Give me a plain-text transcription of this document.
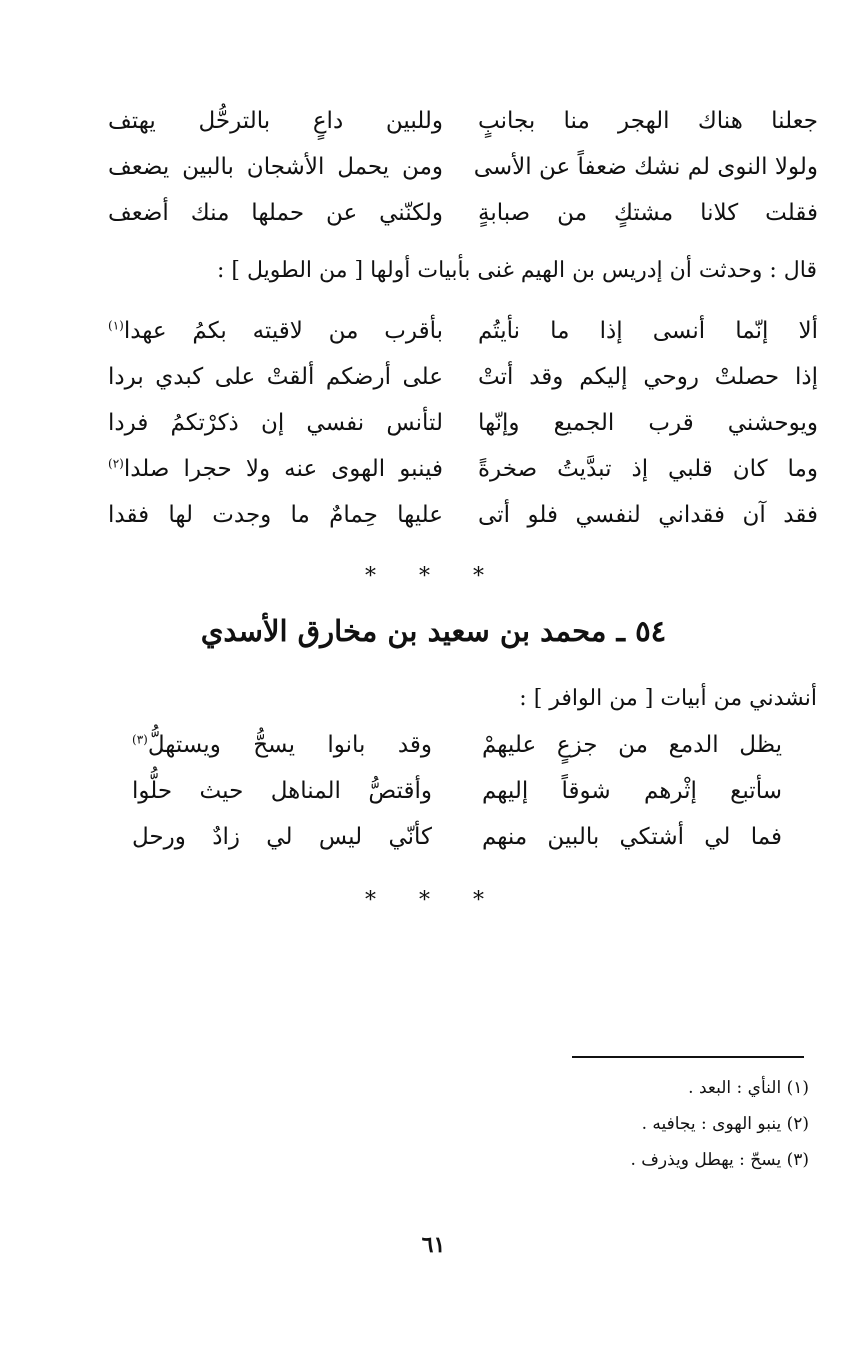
جعلنا هناك الهجر منا بجانبٍ
وللبين داعٍ بالترحُّل يهتف
ولولا النوى لم نشك ضعفاً عن الأسى
ومن يحمل الأشجان بالبين يضعف
فقلت كلانا مشتكٍ من صبابةٍ
ولكنّني عن حملها منك أضعف
قال : وحدثت أن إدريس بن الهيم غنى بأبيات أولها [ من الطويل ] :
ألا إنّما أنسى إذا ما نأيتُم
بأقرب من لاقيته بكمُ عهدا$^{(١)}$
إذا حصلتْ روحي إليكم وقد أتتْ
على أرضكم ألقتْ على كبدي بردا
ويوحشني قرب الجميع وإنّها
لتأنس نفسي إن ذكرْتكمُ فردا
وما كان قلبي إذ تبدَّيتُ صخرةً
فينبو الهوى عنه ولا حجرا صلدا$^{(٢)}$
فقد آن فقداني لنفسي فلو أتى
عليها حِمامٌ ما وجدت لها فقدا
* * *
٥٤ ـ محمد بن سعيد بن مخارق الأسدي
أنشدني من أبيات [ من الوافر ] :
يظل الدمع من جزعٍ عليهمْ
وقد بانوا يسحُّ ويستهلُّ$^{(٣)}$
سأتبع إثْرهم شوقاً إليهم
وأقتصُّ المناهل حيث حلُّوا
فما لي أشتكي بالبين منهم
كأنّي ليس لي زادٌ ورحل
* * *
(١) النأي : البعد .
(٢) ينبو الهوى : يجافيه .
(٣) يسحّ : يهطل ويذرف .
٦١
